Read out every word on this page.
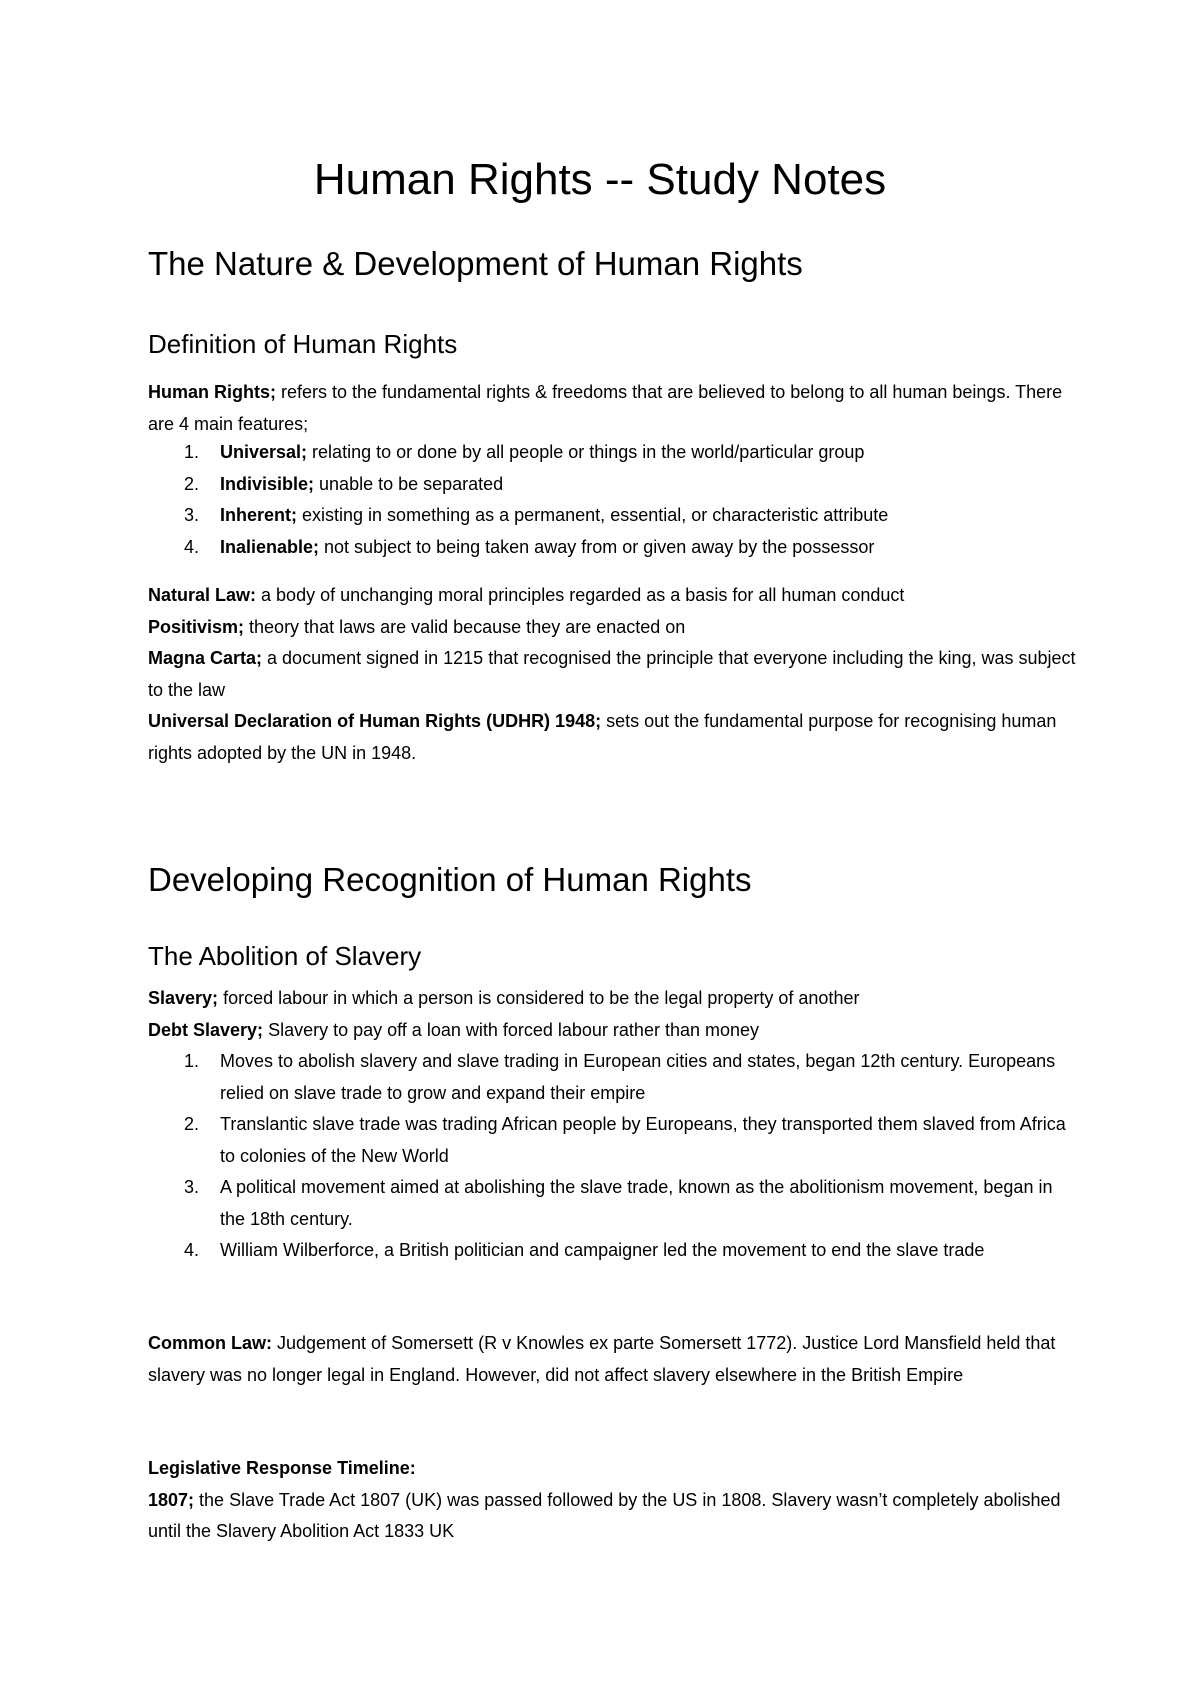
Human Rights -- Study Notes
The Nature & Development of Human Rights
Definition of Human Rights

Human Rights; refers to the fundamental rights & freedoms that are believed to belong to all human beings. There are 4 main features;

1. Universal; relating to or done by all people or things in the world/particular group
2. Indivisible; unable to be separated
3. Inherent; existing in something as a permanent, essential, or characteristic attribute
4. Inalienable; not subject to being taken away from or given away by the possessor
Natural Law: a body of unchanging moral principles regarded as a basis for all human conduct
Positivism; theory that laws are valid because they are enacted on
Magna Carta; a document signed in 1215 that recognised the principle that everyone including the king, was subject to the law
Universal Declaration of Human Rights (UDHR) 1948; sets out the fundamental purpose for recognising human rights adopted by the UN in 1948.
Developing Recognition of Human Rights
The Abolition of Slavery
Slavery; forced labour in which a person is considered to be the legal property of another
Debt Slavery; Slavery to pay off a loan with forced labour rather than money
1. Moves to abolish slavery and slave trading in European cities and states, began 12th century. Europeans relied on slave trade to grow and expand their empire
2. Translantic slave trade was trading African people by Europeans, they transported them slaved from Africa to colonies of the New World
3. A political movement aimed at abolishing the slave trade, known as the abolitionism movement, began in the 18th century.
4. William Wilberforce, a British politician and campaigner led the movement to end the slave trade

Common Law: Judgement of Somersett (R v Knowles ex parte Somersett 1772). Justice Lord Mansfield held that slavery was no longer legal in England. However, did not affect slavery elsewhere in the British Empire

Legislative Response Timeline:
1807; the Slave Trade Act 1807 (UK) was passed followed by the US in 1808. Slavery wasn’t completely abolished until the Slavery Abolition Act 1833 UK
